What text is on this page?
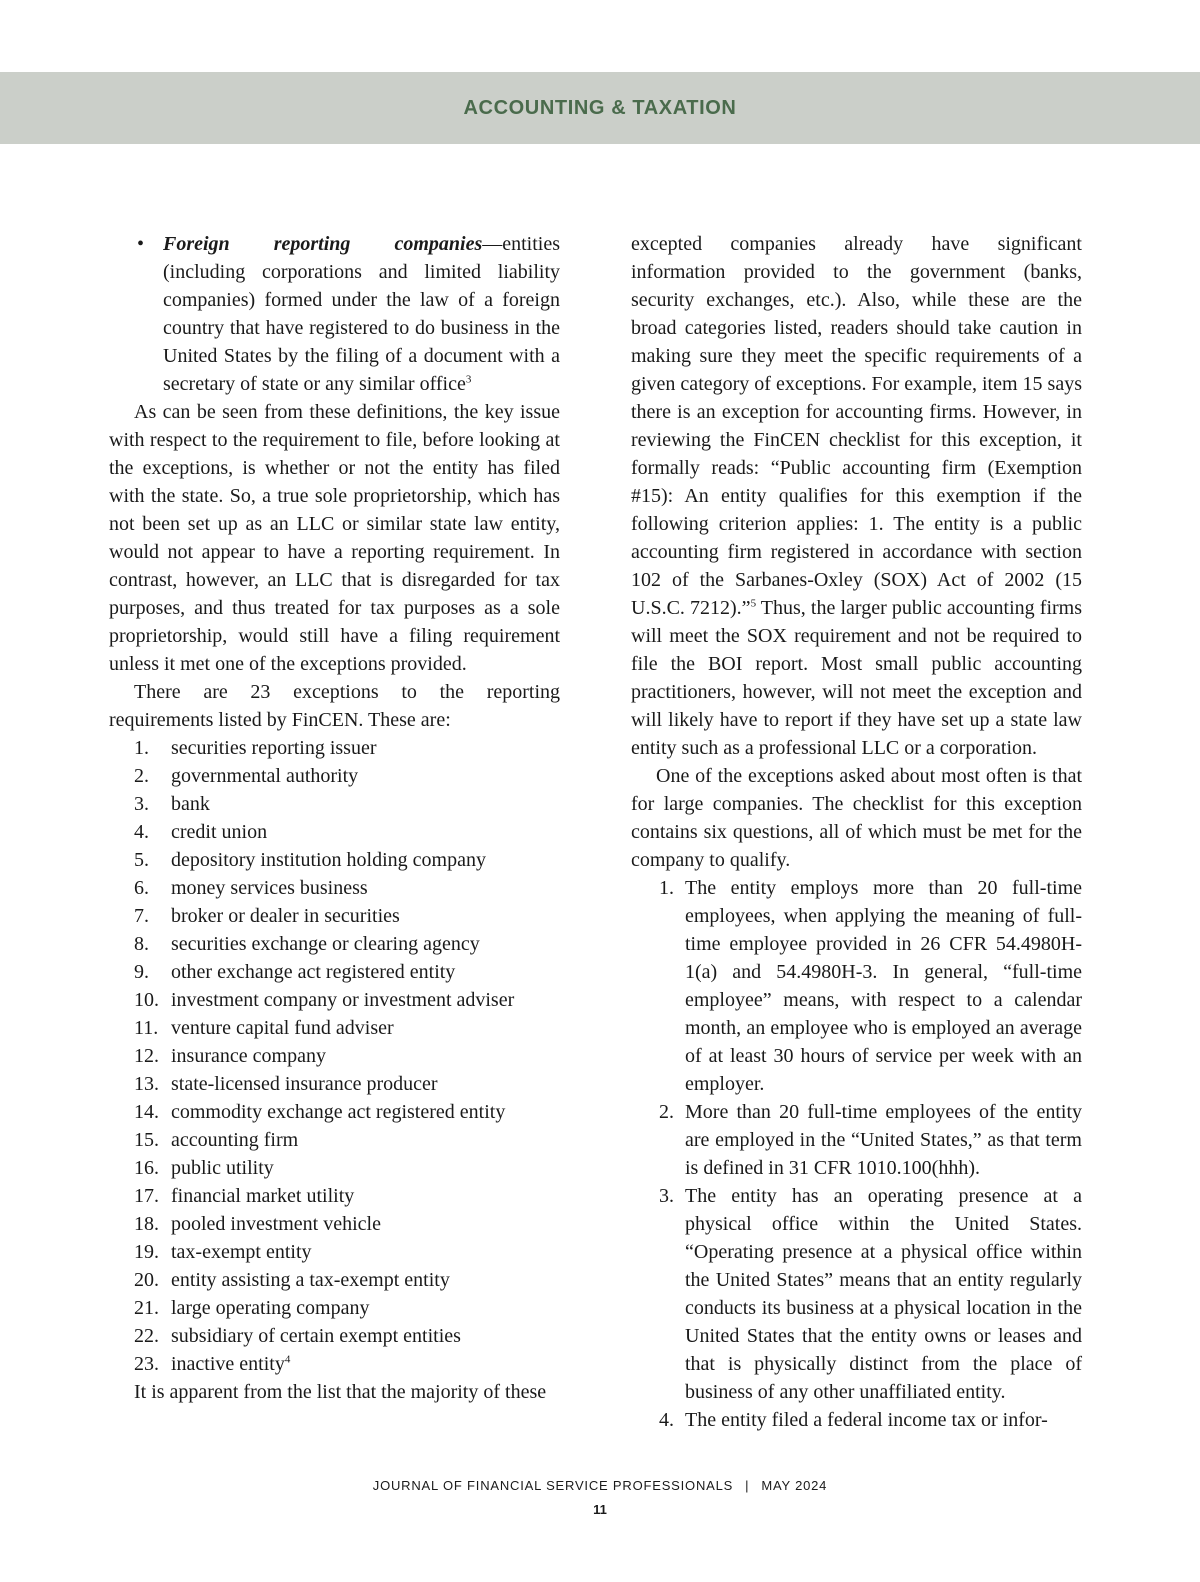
ACCOUNTING & TAXATION

• Foreign reporting companies—entities (including corporations and limited liability companies) formed under the law of a foreign country that have registered to do business in the United States by the filing of a document with a secretary of state or any similar office$^3$

As can be seen from these definitions, the key issue with respect to the requirement to file, before looking at the exceptions, is whether or not the entity has filed with the state. So, a true sole proprietorship, which has not been set up as an LLC or similar state law entity, would not appear to have a reporting requirement. In contrast, however, an LLC that is disregarded for tax purposes, and thus treated for tax purposes as a sole proprietorship, would still have a filing requirement unless it met one of the exceptions provided.

There are 23 exceptions to the reporting requirements listed by FinCEN. These are:

1.	securities reporting issuer
2.	governmental authority
3.	bank
4.	credit union
5.	depository institution holding company
6.	money services business
7.	broker or dealer in securities
8.	securities exchange or clearing agency
9.	other exchange act registered entity
10. investment company or investment adviser
11. venture capital fund adviser
12. insurance company
13. state-licensed insurance producer
14. commodity exchange act registered entity
15. accounting firm
16. public utility
17. financial market utility
18. pooled investment vehicle
19. tax-exempt entity
20. entity assisting a tax-exempt entity
21. large operating company
22. subsidiary of certain exempt entities
23. inactive entity$^4$

It is apparent from the list that the majority of these

excepted companies already have significant information provided to the government (banks, security exchanges, etc.). Also, while these are the broad categories listed, readers should take caution in making sure they meet the specific requirements of a given category of exceptions. For example, item 15 says there is an exception for accounting firms. However, in reviewing the FinCEN checklist for this exception, it formally reads: “Public accounting firm (Exemption #15): An entity qualifies for this exemption if the following criterion applies: 1. The entity is a public accounting firm registered in accordance with section 102 of the Sarbanes-Oxley (SOX) Act of 2002 (15 U.S.C. 7212).”$^5$ Thus, the larger public accounting firms will meet the SOX requirement and not be required to file the BOI report. Most small public accounting practitioners, however, will not meet the exception and will likely have to report if they have set up a state law entity such as a professional LLC or a corporation.

One of the exceptions asked about most often is that for large companies. The checklist for this exception contains six questions, all of which must be met for the company to qualify.

1. The entity employs more than 20 full-time employees, when applying the meaning of full-time employee provided in 26 CFR 54.4980H-1(a) and 54.4980H-3. In general, “full-time employee” means, with respect to a calendar month, an employee who is employed an average of at least 30 hours of service per week with an employer.
2. More than 20 full-time employees of the entity are employed in the “United States,” as that term is defined in 31 CFR 1010.100(hhh).
3. The entity has an operating presence at a physical office within the United States. “Operating presence at a physical office within the United States” means that an entity regularly conducts its business at a physical location in the United States that the entity owns or leases and that is physically distinct from the place of business of any other unaffiliated entity.
4. The entity filed a federal income tax or infor-
JOURNAL OF FINANCIAL SERVICE PROFESSIONALS | MAY 2024
11
